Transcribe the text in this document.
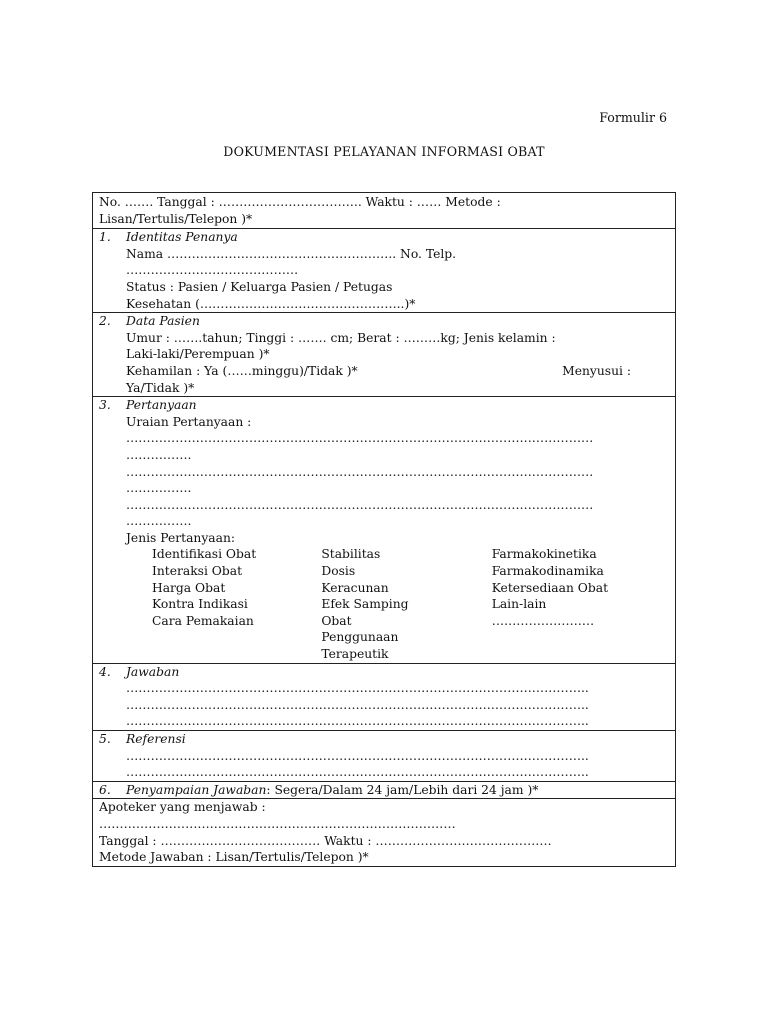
Formulir 6
DOKUMENTASI PELAYANAN INFORMASI OBAT
No. ……. Tanggal : …………………………….. Waktu : …… Metode :
Lisan/Tertulis/Telepon )*
1. Identitas Penanya
Nama ……………………………………………….. No. Telp.
……………………………………
Status : Pasien / Keluarga Pasien / Petugas
Kesehatan (…………………………………………..)*
2. Data Pasien
Umur : …….tahun; Tinggi : ……. cm; Berat : ………kg; Jenis kelamin :
Laki-laki/Perempuan )*
Kehamilan : Ya (……minggu)/Tidak )*	Menyusui :
Ya/Tidak )*
3. Pertanyaan
Uraian Pertanyaan :
……………………………………………………………………………………………………
…………….
……………………………………………………………………………………………………
…………….
……………………………………………………………………………………………………
…………….
Jenis Pertanyaan:
Identifikasi Obat
Interaksi Obat
Harga Obat
Kontra Indikasi
Cara Pemakaian
Stabilitas
Dosis
Keracunan
Efek Samping
Obat
Penggunaan
Terapeutik
Farmakokinetika
Farmakodinamika
Ketersediaan Obat
Lain-lain
…………………….
4. Jawaban
…………………………………………………………………………………………………..
…………………………………………………………………………………………………..
…………………………………………………………………………………………………..
5. Referensi
…………………………………………………………………………………………………..
…………………………………………………………………………………………………..
6. Penyampaian Jawaban: Segera/Dalam 24 jam/Lebih dari 24 jam )*
Apoteker yang menjawab :
……………………………………………………………………………
Tanggal : ………………………………… Waktu : …………………………………….
Metode Jawaban : Lisan/Tertulis/Telepon )*
